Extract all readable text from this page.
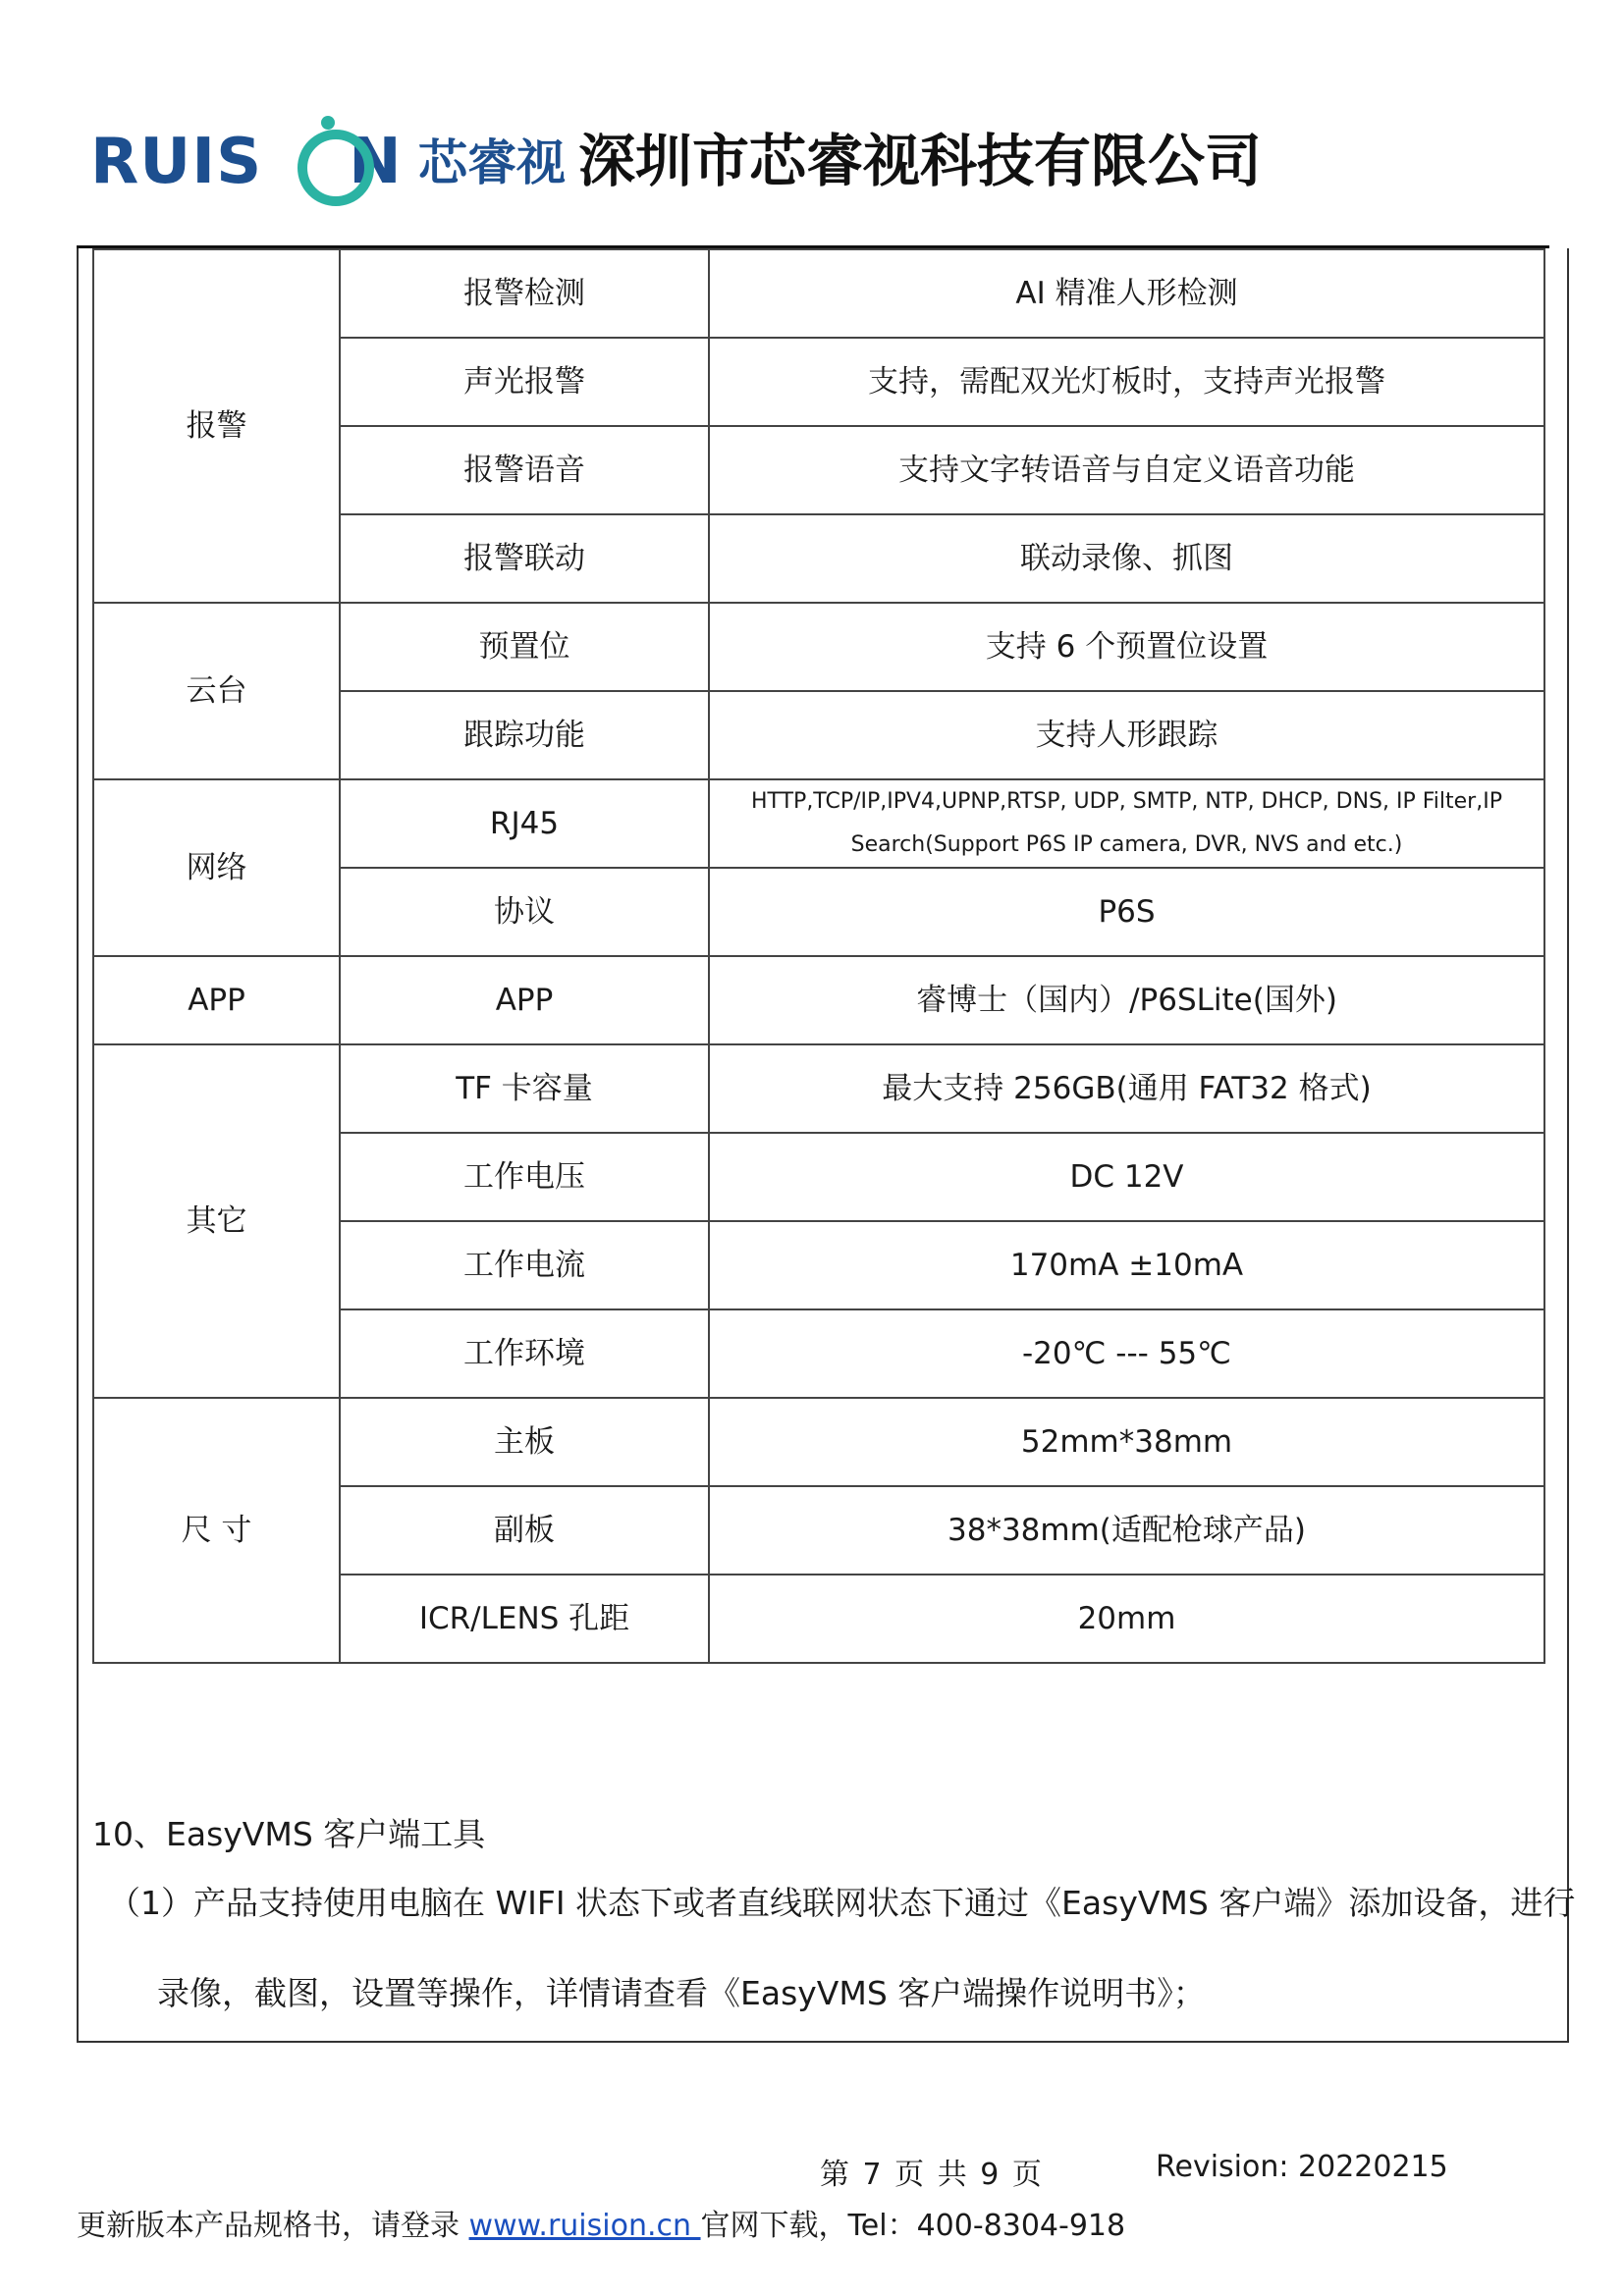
RUIS N 芯睿视 深圳市芯睿视科技有限公司
报警	报警检测	AI 精准人形检测
	声光报警	支持，需配双光灯板时，支持声光报警
	报警语音	支持文字转语音与自定义语音功能
	报警联动	联动录像、抓图
云台	预置位	支持 6 个预置位设置
	跟踪功能	支持人形跟踪
网络	RJ45	HTTP,TCP/IP,IPV4,UPNP,RTSP, UDP, SMTP, NTP, DHCP, DNS, IP Filter,IP Search(Support P6S IP camera, DVR, NVS and etc.)
	协议	P6S
APP	APP	睿博士（国内）/P6SLite(国外)
其它	TF 卡容量	最大支持 256GB(通用 FAT32 格式)
	工作电压	DC 12V
	工作电流	170mA ±10mA
	工作环境	-20℃ --- 55℃
尺 寸	主板	52mm*38mm
	副板	38*38mm(适配枪球产品)
	ICR/LENS 孔距	20mm
10、EasyVMS 客户端工具
（1）产品支持使用电脑在 WIFI 状态下或者直线联网状态下通过《EasyVMS 客户端》添加设备，进行
录像，截图，设置等操作，详情请查看《EasyVMS 客户端操作说明书》；
第 7 页 共 9 页	Revision: 20220215
更新版本产品规格书，请登录 www.ruision.cn 官网下载，Tel：400-8304-918
